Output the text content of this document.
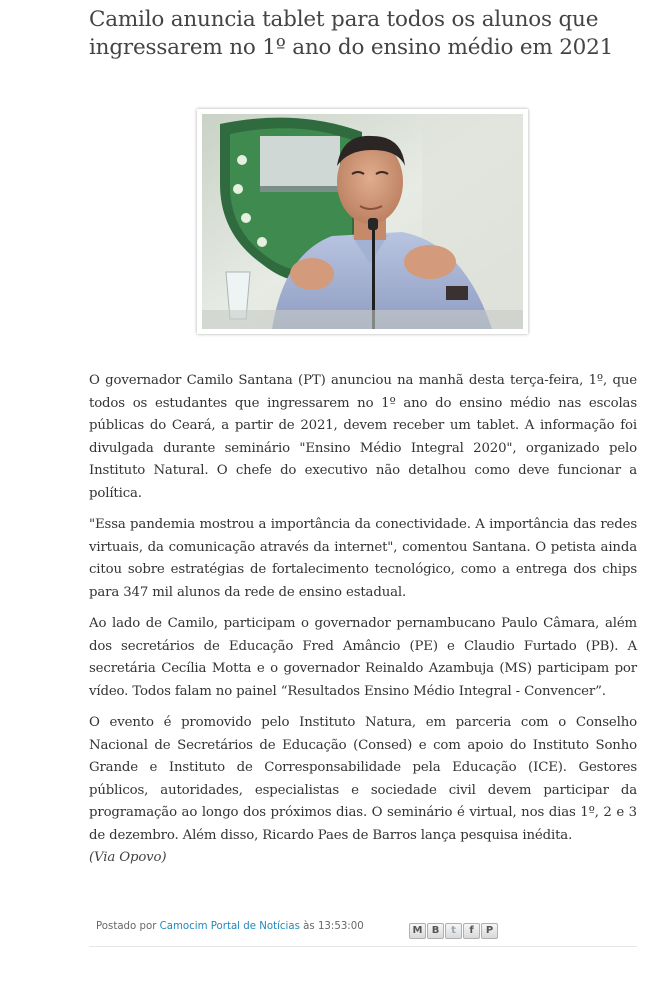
Camilo anuncia tablet para todos os alunos que ingressarem no 1º ano do ensino médio em 2021

O governador Camilo Santana (PT) anunciou na manhã desta terça-feira, 1º, que todos os estudantes que ingressarem no 1º ano do ensino médio nas escolas públicas do Ceará, a partir de 2021, devem receber um tablet. A informação foi divulgada durante seminário "Ensino Médio Integral 2020", organizado pelo Instituto Natural. O chefe do executivo não detalhou como deve funcionar a política.

"Essa pandemia mostrou a importância da conectividade. A importância das redes virtuais, da comunicação através da internet", comentou Santana. O petista ainda citou sobre estratégias de fortalecimento tecnológico, como a entrega dos chips para 347 mil alunos da rede de ensino estadual.

Ao lado de Camilo, participam o governador pernambucano Paulo Câmara, além dos secretários de Educação Fred Amâncio (PE) e Claudio Furtado (PB). A secretária Cecília Motta e o governador Reinaldo Azambuja (MS) participam por vídeo. Todos falam no painel “Resultados Ensino Médio Integral - Convencer”.

O evento é promovido pelo Instituto Natura, em parceria com o Conselho Nacional de Secretários de Educação (Consed) e com apoio do Instituto Sonho Grande e Instituto de Corresponsabilidade pela Educação (ICE). Gestores públicos, autoridades, especialistas e sociedade civil devem participar da programação ao longo dos próximos dias. O seminário é virtual, nos dias 1º, 2 e 3 de dezembro. Além disso, Ricardo Paes de Barros lança pesquisa inédita.
(Via Opovo)

Postado por Camocim Portal de Notícias às 13:53:00	M B	t	f	P
